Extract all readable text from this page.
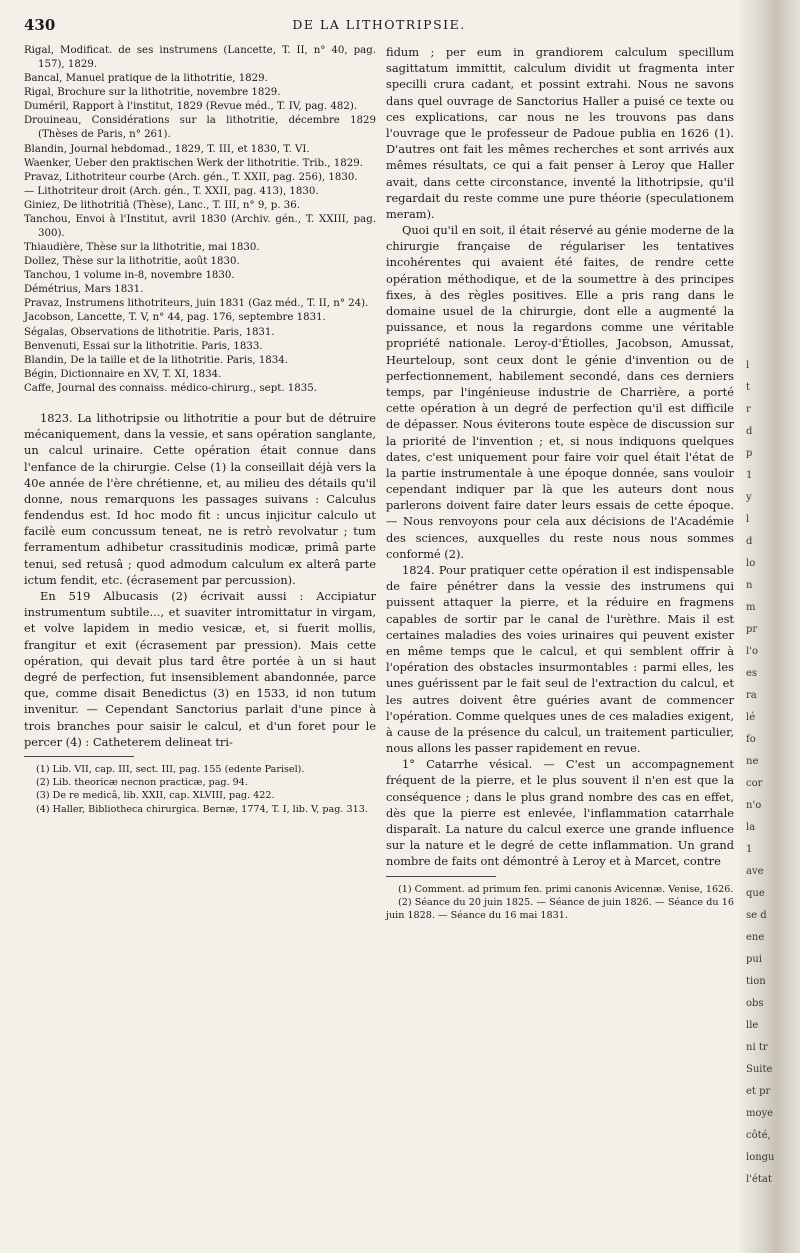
430	DE LA LITHOTRIPSIE.

Rigal, Modificat. de ses instrumens (Lancette, T. II, n° 40, pag. 157), 1829.

Bancal, Manuel pratique de la lithotritie, 1829.

Rigal, Brochure sur la lithotritie, novembre 1829.

Duméril, Rapport à l'institut, 1829 (Revue méd., T. IV, pag. 482).

Drouineau, Considérations sur la lithotritie, décembre 1829 (Thèses de Paris, n° 261).

Blandin, Journal hebdomad., 1829, T. III, et 1830, T. VI.

Waenker, Ueber den praktischen Werk der lithotritie. Trib., 1829.

Pravaz, Lithotriteur courbe (Arch. gén., T. XXII, pag. 256), 1830.

— Lithotriteur droit (Arch. gén., T. XXII, pag. 413), 1830.

Giniez, De lithotritiâ (Thèse), Lanc., T. III, n° 9, p. 36.

Tanchou, Envoi à l'Institut, avril 1830 (Archiv. gén., T. XXIII, pag. 300).

Thiaudière, Thèse sur la lithotritie, mai 1830.

Dollez, Thèse sur la lithotritie, août 1830.

Tanchou, 1 volume in-8, novembre 1830.

Démétrius, Mars 1831.

Pravaz, Instrumens lithotriteurs, juin 1831 (Gaz méd., T. II, n° 24).

Jacobson, Lancette, T. V, n° 44, pag. 176, septembre 1831.

Ségalas, Observations de lithotritie. Paris, 1831.

Benvenuti, Essai sur la lithotritie. Paris, 1833.

Blandin, De la taille et de la lithotritie. Paris, 1834.

Bégin, Dictionnaire en XV, T. XI, 1834.

Caffe, Journal des connaiss. médico-chirurg., sept. 1835.

1823. La lithotripsie ou lithotritie a pour but de détruire mécaniquement, dans la vessie, et sans opération sanglante, un calcul urinaire. Cette opération était connue dans l'enfance de la chirurgie. Celse (1) la conseillait déjà vers la 40e année de l'ère chrétienne, et, au milieu des détails qu'il donne, nous remarquons les passages suivans : Calculus fendendus est. Id hoc modo fit : uncus injicitur calculo ut facilè eum concussum teneat, ne is retrò revolvatur ; tum ferramentum adhibetur crassitudinis modicæ, primâ parte tenui, sed retusâ ; quod admodum calculum ex alterâ parte ictum fendit, etc. (écrasement par percussion).

En 519 Albucasis (2) écrivait aussi : Accipiatur instrumentum subtile..., et suaviter intromittatur in virgam, et volve lapidem in medio vesicæ, et, si fuerit mollis, frangitur et exit (écrasement par pression). Mais cette opération, qui devait plus tard être portée à un si haut degré de perfection, fut insensiblement abandonnée, parce que, comme disait Benedictus (3) en 1533, id non tutum invenitur. — Cependant Sanctorius parlait d'une pince à trois branches pour saisir le calcul, et d'un foret pour le percer (4) : Catheterem delineat tri-

(1) Lib. VII, cap. III, sect. III, pag. 155 (edente Parisel).

(2) Lib. theoricæ necnon practicæ, pag. 94.

(3) De re medicâ, lib. XXII, cap. XLVIII, pag. 422.

(4) Haller, Bibliotheca chirurgica. Bernæ, 1774, T. I, lib. V, pag. 313.

fidum ; per eum in grandiorem calculum specillum sagittatum immittit, calculum dividit ut fragmenta inter specilli crura cadant, et possint extrahi. Nous ne savons dans quel ouvrage de Sanctorius Haller a puisé ce texte ou ces explications, car nous ne les trouvons pas dans l'ouvrage que le professeur de Padoue publia en 1626 (1). D'autres ont fait les mêmes recherches et sont arrivés aux mêmes résultats, ce qui a fait penser à Leroy que Haller avait, dans cette circonstance, inventé la lithotripsie, qu'il regardait du reste comme une pure théorie (speculationem meram).

Quoi qu'il en soit, il était réservé au génie moderne de la chirurgie française de régulariser les tentatives incohérentes qui avaient été faites, de rendre cette opération méthodique, et de la soumettre à des principes fixes, à des règles positives. Elle a pris rang dans le domaine usuel de la chirurgie, dont elle a augmenté la puissance, et nous la regardons comme une véritable propriété nationale. Leroy-d'Étiolles, Jacobson, Amussat, Heurteloup, sont ceux dont le génie d'invention ou de perfectionnement, habilement secondé, dans ces derniers temps, par l'ingénieuse industrie de Charrière, a porté cette opération à un degré de perfection qu'il est difficile de dépasser. Nous éviterons toute espèce de discussion sur la priorité de l'invention ; et, si nous indiquons quelques dates, c'est uniquement pour faire voir quel était l'état de la partie instrumentale à une époque donnée, sans vouloir cependant indiquer par là que les auteurs dont nous parlerons doivent faire dater leurs essais de cette époque. — Nous renvoyons pour cela aux décisions de l'Académie des sciences, auxquelles du reste nous nous sommes conformé (2).

1824. Pour pratiquer cette opération il est indispensable de faire pénétrer dans la vessie des instrumens qui puissent attaquer la pierre, et la réduire en fragmens capables de sortir par le canal de l'urèthre. Mais il est certaines maladies des voies urinaires qui peuvent exister en même temps que le calcul, et qui semblent offrir à l'opération des obstacles insurmontables : parmi elles, les unes guérissent par le fait seul de l'extraction du calcul, et les autres doivent être guéries avant de commencer l'opération. Comme quelques unes de ces maladies exigent, à cause de la présence du calcul, un traitement particulier, nous allons les passer rapidement en revue.

1° Catarrhe vésical. — C'est un accompagnement fréquent de la pierre, et le plus souvent il n'en est que la conséquence ; dans le plus grand nombre des cas en effet, dès que la pierre est enlevée, l'inflammation catarrhale disparaît. La nature du calcul exerce une grande influence sur la nature et le degré de cette inflammation. Un grand nombre de faits ont démontré à Leroy et à Marcet, contre

(1) Comment. ad primum fen. primi canonis Avicennæ. Venise, 1626.

(2) Séance du 20 juin 1825. — Séance de juin 1826. — Séance du 16 juin 1828. — Séance du 16 mai 1831.

l
t
r
d
p
1
y
l
d
lo
n
m
pr
l'o
es
ra
lé
fo
ne
cor
n'o
la
1
ave
que
se d
ene
pui
tion
obs
lle
ni tr
Suite
et pr
moye
côté,
longu
l'état
